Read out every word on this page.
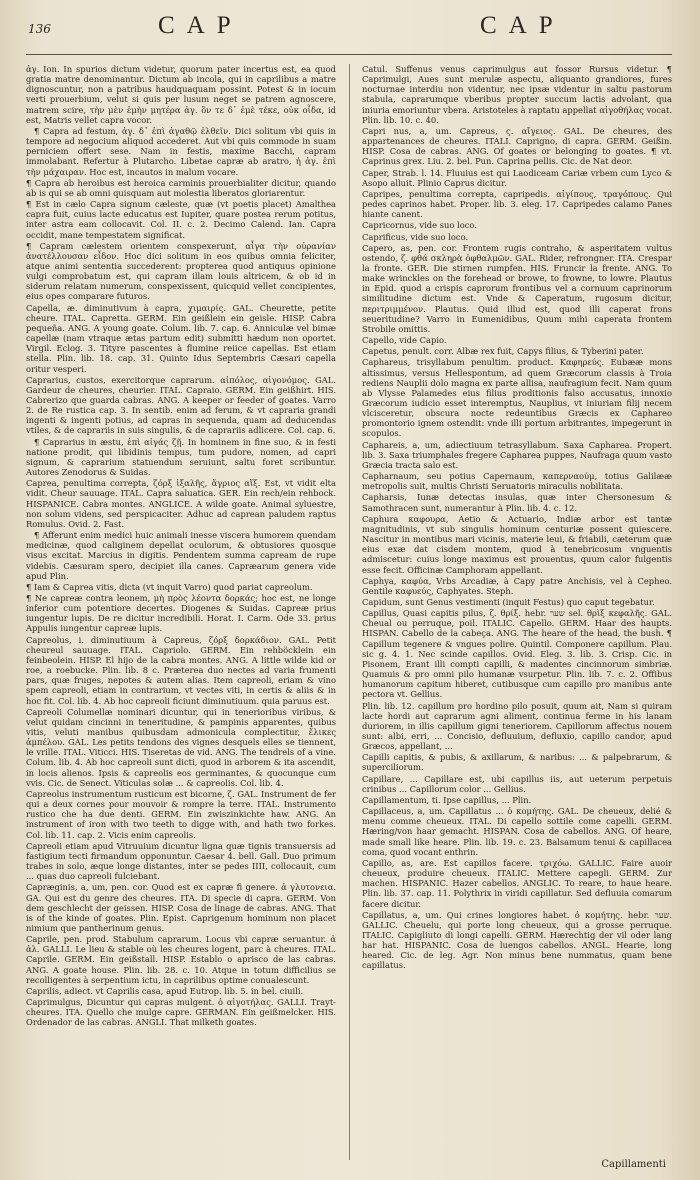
136	CAP	CAP

ἀγ. Ion. In spurios dictum videtur, quorum pater incertus est, ea quod gratia matre denominantur. Dictum ab incola, qui in caprilibus a matre dignoscuntur, non a patribus haudquaquam possint. Potest & in iocum verti prouerbium, velut si quis per lusum neget se patrem agnoscere, matrem scire, τὴν μὲν ἐμὴν μητέρα ἀγ. ὃν τε δ᾽ ἐμὲ τέκε, οὐκ οἶδα, id est, Matris vellet capra vocor.

¶ Capra ad festum, ἀγ. δ᾽ ἐπὶ ἀγαθῷ ἐλθεῖν. Dici solitum vbi quis in tempore ad negocium aliquod accederet. Aut vbi quis commode in suam perniciem offert sese. Nam in festis, maxime Bacchi, capram immolabant. Refertur à Plutarcho. Libetae capræ ab aratro, ἡ ἀγ. ἐπὶ τὴν μάχαιραν. Hoc est, incautos in malum vocare.

¶ Capra ab heroibus est heroica carminis prouerbialiter dicitur, quando ab is qui se ab omni quisquam aut molestia liberatos gloriarentur.

¶ Est in cælo Capra signum cæleste, quæ (vt poetis placet) Amalthea capra fuit, cuius lacte educatus est Iupiter, quare postea rerum potitus, inter astra eam collocavit. Col. II. c. 2. Decimo Calend. Ian. Capra occidit, mane tempestatem significat.

¶ Capram cælestem orientem conspexerunt, αἶγα τὴν οὐρανίαν ἀνατέλλουσαν εἶδον. Hoc dici solitum in eos quibus omnia feliciter, atque animi sententia succederent: propterea quod antiquus opinione vulgi comprobatum est, qui capram illam louis altricem, & ob id in siderum relatam numerum, conspexissent, quicquid vellet concipientes, eius opes comparare futuros.

Capella, æ. diminutivum à capra, χιμαιρίς. GAL. Cheurette, petite cheure. ITAL. Capretta. GERM. Ein geißlein ein geisle. HISP. Cabra pequeña. ANG. A young goate. Colum. lib. 7. cap. 6. Anniculæ vel bimæ capellæ (nam vtraque ætas partum edit) submitti hædum non oportet. Virgil. Eclog. 3. Tityre pascentes à flumine reiice capellas. Est etiam stella. Plin. lib. 18. cap. 31. Quinto Idus Septembris Cæsari capella oritur vesperi.

Caprarius, custos, exercitorque caprarum. αἰπόλος, αἰγονόμος. GAL. Gardeur de cheures, cheurier. ITAL. Capraio. GERM. Ein geißhirt. HIS. Cabrerizo que guarda cabras. ANG. A keeper or feeder of goates. Varro 2. de Re rustica cap. 3. In sentib. enim ad ferum, & vt capraria grandi ingenti & ingenti potius, ad capras in sequenda, quam ad deducendas vtiles, & de caprariis in suis singulis, & de caprariis adlicere. Col. cap. 6.

¶ Caprarius in æstu, ἐπὶ αἰγάς ζῇ. In hominem in fine suo, & in festi natione prodit, qui libidinis tempus, tum pudore, nomen, ad capri signum, & caprarium statuendum seruiunt, saltu foret scribuntur. Autores Zenodorus & Suidas.

Caprea, penultima correpta, ζόρξ ἰξαλῆς, ἄγριος αἴξ. Est, vt vidit elta vidit. Cheur sauuage. ITAL. Capra saluatica. GER. Ein rech/ein rehbock. HISPANICE. Cabra montes. ANGLICE. A wilde goate. Animal syluestre, non solum videns, sed perspicaciter. Adhuc ad caprean paludem raptus Romulus. Ovid. 2. Fast.

¶ Afferunt enim medici huic animali inesse viscera humorem quendam medicinæ, quod caliginem depellat oculorum, & obtusiores quosque visus excitat. Marcius in digitis. Pendentem summa capream de rupe videbis. Cæsuram spero, decipiet illa canes. Capræarum genera vide apud Plin.

¶ Iam & Caprea vitis, dicta (vt inquit Varro) quod pariat capreolum.

¶ Ne capreæ contra leonem, μὴ πρὸς λέοντα δορκάς; hoc est, ne longe inferior cum potentiore decertes. Diogenes & Suidas. Capreæ prius iungentur lupis. De re dicitur incredibili. Horat. I. Carm. Ode 33. prius Appulis iungentur capreæ lupis.

Capreolus, i. diminutiuum à Capreus, ζόρξ δορκάδιον. GAL. Petit cheureul sauuage. ITAL. Capriolo. GERM. Ein rehböcklein ein feinbeolein. HISP. El hijo de la cabra montes. ANG. A little wilde kid or roe, a roebucke. Plin. lib. 8 c. Præterea duo nectes ad varia frumenti pars, quæ fruges, nepotes & autem alias. Item capreoli, eriam & vino spem capreoli, etiam in contrarium, vt vectes viti, in certis & aliis & in hoc fit. Col. lib. 4. Ab hoc capreoli ficiunt diminutiuum. quia paruus est.

Capreoli Columellæ nominari dicuntur, qui in tenerioribus viribus, & velut quidam cincinni in teneritudine, & pampinis apparentes, quibus vitis, veluti manibus quibusdam admonicula complectitur, ἕλικες ἀμπέλου. GAL. Les petits tendons des vignes desquels elles se tiennent, le vrille. ITAL. Viticci. HIS. Tiseretas de vid. ANG. The tendrels of a vine. Colum. lib. 4. Ab hoc capreoli sunt dicti, quod in arborem & ita ascendit, in locis alienos. Ipsis & capreolis eos germinantes, & quocunque cum vvis. Cic. de Senect. Viticulas solæ ... & capreolis. Col. lib. 4.

Capreolus instrumentum rusticum est bicorne, ζ. GAL. Instrument de fer qui a deux cornes pour mouvoir & rompre la terre. ITAL. Instrumento rustico che ha due denti. GERM. Ein zwiszinkichte haw. ANG. An instrument of iron with two teeth to digge with, and hath two forkes. Col. lib. 11. cap. 2. Vicis enim capreolis.

Capreoli etiam apud Vitruuium dicuntur ligna quæ tignis transuersis ad fastigium tecti firmandum opponuntur. Caesar 4. bell. Gall. Duo primum trabes in solo, æque longe distantes, inter se pedes IIII, collocauit, cum ... quas duo capreoli fulciebant.

Capræginis, a, um, pen. cor. Quod est ex capræ fi genere. ἀ γλυτονεια. GA. Qui est du genre des cheures. ITA. Di specie di capra. GERM. Von dem geschlecht der geissen. HISP. Cosa de linage de cabras. ANG. That is of the kinde of goates. Plin. Epist. Caprigenum hominum non placet nimium que pantherinum genus.

Caprile, pen. prod. Stabulum caprarum. Locus vbi capræ seruantur. ἀ ἀλ. GALLI. Le lieu & stable où les cheures logent, parc à cheures. ITAL. Caprile. GERM. Ein geißstall. HISP. Establo o aprisco de las cabras. ANG. A goate house. Plin. lib. 28. c. 10. Atque in totum difficilius se recolligentes à serpentium ictu, in caprilibus optime conualescunt.

Caprilis, adiect. vt Caprilis casa, apud Eutrop. lib. 5. in bel. ciuili.

Caprimulgus, Dicuntur qui capras mulgent. ὁ αἰγοτήλας. GALLI. Trayt-cheures. ITA. Quello che mulge capre. GERMAN. Ein geißmelcker. HIS. Ordenador de las cabras. ANGLI. That milketh goates.

Catul. Suffenus venus caprimulgus aut fossor Rursus videtur. ¶ Caprimulgi, Aues sunt merulæ aspectu, aliquanto grandiores, fures nocturnae interdiu non videntur, nec ipsæ videntur in saltu pastorum stabula, caprarumque vberibus propter succum lactis advolant, qua iniuria emoriuntur vbera. Aristoteles à raptatu appellat αἰγοθήλας vocat. Plin. lib. 10. c. 40.

Capri nus, a, um. Capreus, ς. αἴγειος. GAL. De cheures, des appartenances de cheures. ITALI. Caprigno, di capra. GERM. Geißin. HISP. Cosa de cabras. ANG. Of goates or belonging to goates. ¶ vt. Caprinus grex. Liu. 2. bel. Pun. Caprina pellis. Cic. de Nat deor.

Caper, Strab. l. 14. Fluuius est qui Laodiceam Cariæ vrbem cum Lyco & Asopo alluit. Plinio Caprus dicitur.

Capripes, penultima correpta, capripedis. αἰγίπους, τραγόπους. Qui pedes caprinos habet. Proper. lib. 3. eleg. 17. Capripedes calamo Panes hiante canent.

Capricornus, vide suo loco.

Caprificus, vide suo loco.

Capero, as, pen. cor. Frontem rugis contraho, & asperitatem vultus ostendo, ζ. φθά σκληρὰ ὀφθαλμῶν. GAL. Rider, refrongner. ITA. Crespar la fronte. GER. Die stirnen rumpfen. HIS. Fruncir la frente. ANG. To make wrinckles on the forehead or browe, to frowne, to lowre. Plautus in Epid. quod a crispis caprorum frontibus vel a cornuum caprinorum similitudine dictum est. Vnde & Caperatum, rugosum dicitur, περιτριμμένον. Plautus. Quid illud est, quod illi caperat frons seueritudine? Varro in Eumenidibus, Quum mihi caperata frontem Strobile omittis.

Capello, vide Capio.

Capetus, penult. corr. Albæ rex fuit, Capys filius, & Tyberini pater.

Caphareus, trisyllabum penultim. product. Καφηρεύς. Eubææ mons altissimus, versus Hellespontum, ad quem Græcorum classis à Troia rediens Nauplii dolo magna ex parte allisa, naufragium fecit. Nam quum ab Vlysse Palamedes eius filius proditionis falso accusatus, innoxio Græcorum iudicio esset interemptus, Nauplius, vt iniuriam filij necem vlcisceretur, obscura nocte redeuntibus Græcis ex Caphareo promontorio ignem ostendit: vnde illi portum arbitrantes, impegerunt in scopulos.

Caphareis, a, um, adiectiuum tetrasyllabum. Saxa Capharea. Propert. lib. 3. Saxa triumphales fregere Capharea puppes, Naufraga quum vasto Græcia tracta salo est.

Capharnaum, seu potius Capernaum, καπερναούμ, totius Galilææ metropolis suit, multis Christi Seruatoris miraculis nobilitata.

Capharsis, Iunæ detectas insulas, quæ inter Chersonesum & Samothracen sunt, numerantur à Plin. lib. 4. c. 12.

Caphura καφουρα, Aetio & Actuario, Indiæ arbor est tantæ magnitudinis, vt sub singulis hominum centuriæ possent quiescere. Nascitur in montibus mari vicinis, materie leui, & friabili, cæterum quæ eius exæ dat cisdem montem, quod à tenebricosum vnguentis admiscetur: cuius longe maximus est prouentus, quum calor fulgentis esse fecit. Officinæ Camphoram appellant.

Caphya, καφύα, Vrbs Arcadiæ, à Capy patre Anchisis, vel à Cepheo. Gentile καφυεύς, Caphyates. Steph.

Capidum, sunt Genus vestimenti (inquit Festus) quo caput tegebatur.

Capillus, Quasi capitis pilus, ζ. θρίξ. hebr. שער sel. θρὶξ κεφαλῆς. GAL. Cheual ou perruque, poil. ITALIC. Capello. GERM. Haar des haupts. HISPAN. Cabello de la cabeça. ANG. The heare of the head, the bush. ¶ Capillum tegenere & vngues polire. Quintil. Componere capillum. Plau. sic g. 4. 1. Nec scinde capillos. Ovid. Eleg. 3. lib. 3. Crisp. Cic. in Pisonem, Erant illi compti capilli, & madentes cincinnorum simbriæ. Quamuis & pro omni pilo humanæ vsurpetur. Plin. lib. 7. c. 2. Offibus humanorum capitum hiberet, cutibusque cum capillo pro manibus ante pectora vt. Gellius.

Plin. lib. 12. capillum pro hordino pilo posuit, quum ait, Nam si quiram lacte hordi aut caprarum agni aliment, continua ferme in his lanam duriorem, in illis capillum gigni teneriorem. Capillorum affectus nouem sunt: albi, erri, ... Concisio, defluuium, defluxio, capillo candor, apud Græcos, appellant, ...

Capilli capitis, & pubis, & axillarum, & naribus: ... & palpebrarum, & superciliorum.

Capillare, ... Capillare est, ubi capillus iis, aut ueterum perpetuis crinibus ... Capillorum color ... Gellius.

Capillamentum, ti. Ipse capillus, ... Plin.

Capillaceus, a, um. Capillatus ... ὁ κομήτης. GAL. De cheueux, delié & menu comme cheueux. ITAL. Di capello sottile come capelli. GERM. Hæring/von haar gemacht. HISPAN. Cosa de cabellos. ANG. Of heare, made small like heare. Plin. lib. 19. c. 23. Balsamum tenui & capillacea coma, quod vocant enthrin.

Capillo, as, are. Est capillos facere. τριχόω. GALLIC. Faire auoir cheueux, produire cheueux. ITALIC. Mettere capegli. GERM. Zur machen. HISPANIC. Hazer cabellos. ANGLIC. To reare, to haue heare. Plin. lib. 37. cap. 11. Polythrix in viridi capillatur. Sed defluuia comarum facere dicitur.

Capillatus, a, um. Qui crines longiores habet. ὁ κομήτης. hebr. שער. GALLIC. Cheuelu, qui porte long cheueux, qui a grosse perruque. ITALIC. Capigliuto di longi capelli. GERM. Hærechtig der vil oder lang har hat. HISPANIC. Cosa de luengos cabellos. ANGL. Hearie, long heared. Cic. de leg. Agr. Non minus bene nummatus, quam bene capillatus.

Capillamenti
